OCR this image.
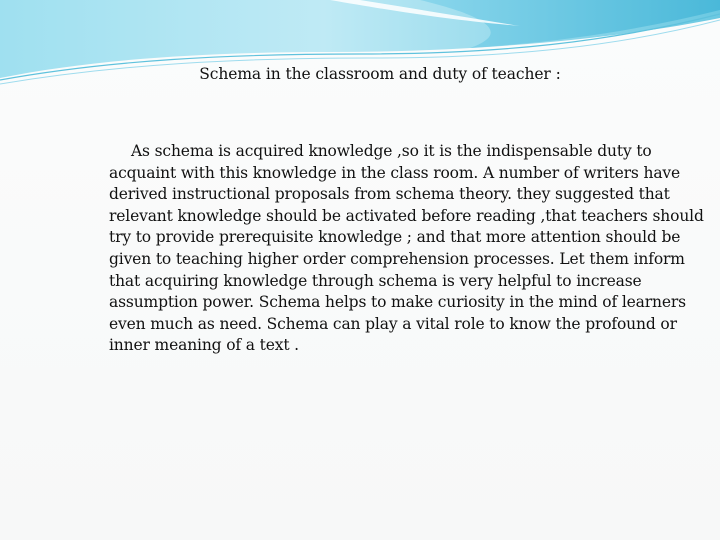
Schema in the classroom and duty of teacher :

As schema is acquired knowledge ,so it is the indispensable duty to acquaint with this knowledge in the class room. A number of writers have derived instructional proposals from schema theory. they suggested that relevant knowledge should be activated before reading ,that teachers should try to provide prerequisite knowledge ; and that more attention should be given to teaching higher order comprehension processes. Let them inform that acquiring knowledge through schema is very helpful to increase assumption power. Schema helps to make curiosity in the mind of learners even much as need. Schema can play a vital role to know the profound or inner meaning of a text .
